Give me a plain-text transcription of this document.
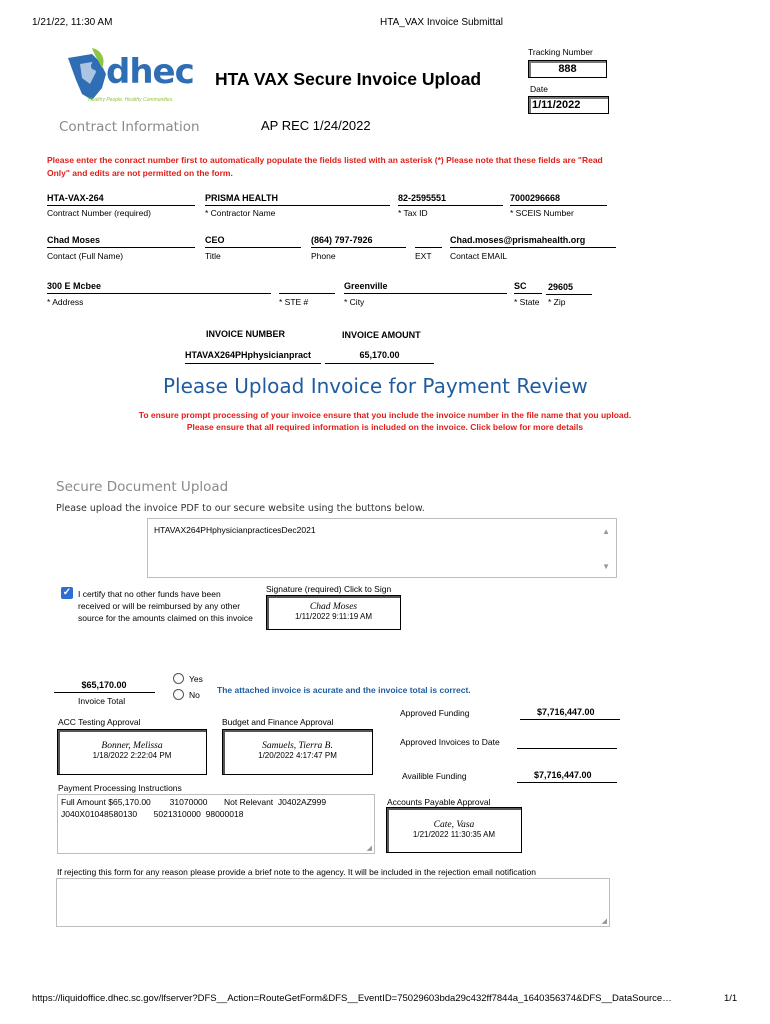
1/21/22, 11:30 AM	HTA_VAX Invoice Submittal
dhec
Healthy People. Healthy Communities.
HTA VAX Secure Invoice Upload
Tracking Number
888
Date
1/11/2022
Contract Information	AP REC 1/24/2022
Please enter the conract number first to automatically populate the fields listed with an asterisk (*) Please note that these fields are "Read Only" and edits are not permitted on the form.
HTA-VAX-264
Contract Number (required)
PRISMA HEALTH
* Contractor Name
82-2595551
* Tax ID
7000296668
* SCEIS Number
Chad Moses
Contact (Full Name)
CEO
Title
(864) 797-7926
Phone	EXT
Chad.moses@prismahealth.org
Contact EMAIL
300 E Mcbee
* Address	* STE #
Greenville
* City
SC
* State
29605
* Zip
INVOICE NUMBER	INVOICE AMOUNT
HTAVAX264PHphysicianpract	65,170.00
Please Upload Invoice for Payment Review
To ensure prompt processing of your invoice ensure that you include the invoice number in the file name that you upload.
Please ensure that all required information is included on the invoice. Click below for more details
Secure Document Upload
Please upload the invoice PDF to our secure website using the buttons below.
HTAVAX264PHphysicianpracticesDec2021	▲
▼
✓ I certify that no other funds have been received or will be reimbursed by any other source for the amounts claimed on this invoice
Signature (required) Click to Sign
Chad Moses
1/11/2022 9:11:19 AM
$65,170.00
Invoice Total
Yes
No The attached invoice is acurate and the invoice total is correct.
Approved Funding	$7,716,447.00
Approved Invoices to Date
Availible Funding	$7,716,447.00
ACC Testing Approval
Bonner, Melissa
1/18/2022 2:22:04 PM
Budget and Finance Approval
Samuels, Tierra B.
1/20/2022 4:17:47 PM
Payment Processing Instructions
Full Amount $65,170.00        31070000       Not Relevant  J0402AZ999
J040X01048580130       5021310000  98000018
◢
Accounts Payable Approval
Cate, Vasa
1/21/2022 11:30:35 AM
If rejecting this form for any reason please provide a brief note to the agency. It will be included in the rejection email notification
◢
https://liquidoffice.dhec.sc.gov/lfserver?DFS__Action=RouteGetForm&DFS__EventID=75029603bda29c432ff7844a_1640356374&DFS__DataSource…	1/1
